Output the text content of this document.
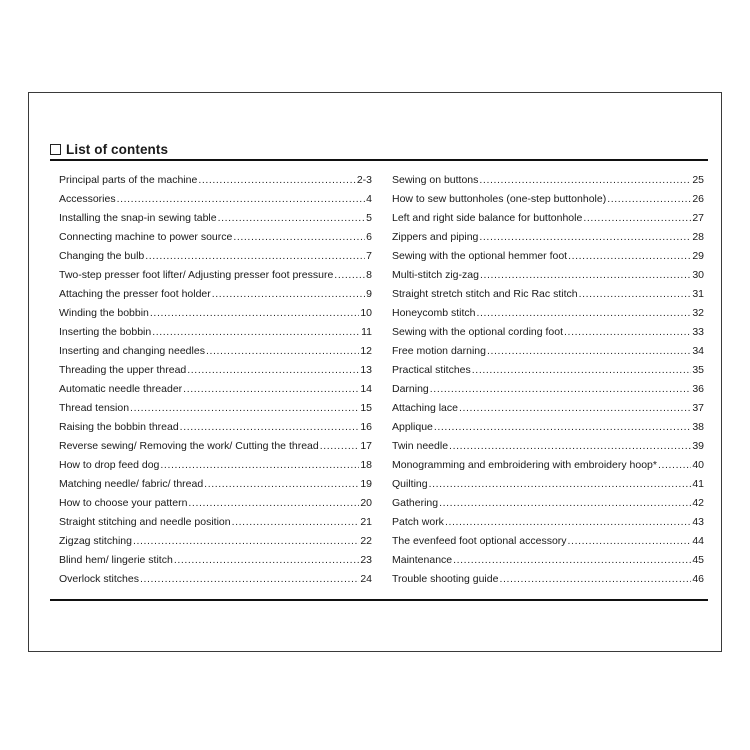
List of contents
Principal parts of the machine .....	2-3
Accessories .....	4
Installing the snap-in sewing table .....	5
Connecting machine to power source .....	6
Changing the bulb .....	7
Two-step presser foot lifter/ Adjusting presser foot pressure .....	8
Attaching the presser foot holder .....	9
Winding the bobbin .....	10
Inserting the bobbin .....	11
Inserting and changing needles .....	12
Threading the upper thread .....	13
Automatic needle threader .....	14
Thread tension .....	15
Raising the bobbin thread .....	16
Reverse sewing/ Removing the work/ Cutting the thread .....	17
How to drop feed dog .....	18
Matching needle/ fabric/ thread .....	19
How to choose your pattern .....	20
Straight stitching and needle position .....	21
Zigzag stitching .....	22
Blind hem/ lingerie stitch .....	23
Overlock stitches .....	24
Sewing on buttons .....	25
How to sew buttonholes (one-step buttonhole) .....	26
Left and right side balance for buttonhole .....	27
Zippers and piping .....	28
Sewing with the optional hemmer foot .....	29
Multi-stitch zig-zag .....	30
Straight stretch stitch and Ric Rac stitch .....	31
Honeycomb stitch .....	32
Sewing with the optional cording foot .....	33
Free motion darning .....	34
Practical stitches .....	35
Darning .....	36
Attaching lace .....	37
Applique .....	38
Twin needle .....	39
Monogramming and embroidering with embroidery hoop* .....	40
Quilting .....	41
Gathering .....	42
Patch work .....	43
The evenfeed foot optional accessory .....	44
Maintenance .....	45
Trouble shooting guide .....	46
